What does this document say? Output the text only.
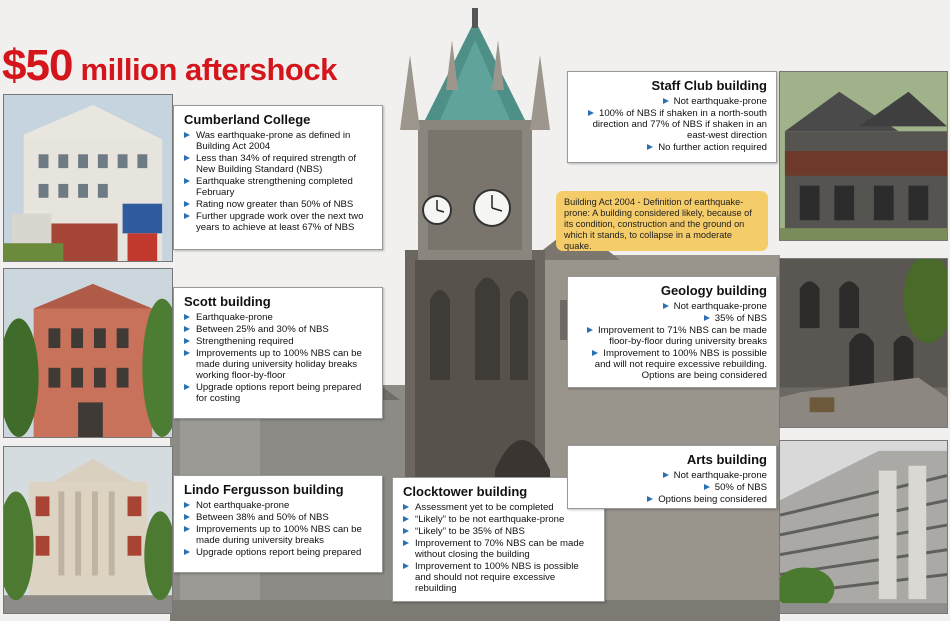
$50 million aftershock
Cumberland College
Was earthquake-prone as defined in Building Act 2004
Less than 34% of required strength of New Building Standard (NBS)
Earthquake strengthening completed February
Rating now greater than 50% of NBS
Further upgrade work over the next two years to achieve at least 67% of NBS
Scott building
Earthquake-prone
Between 25% and 30% of NBS
Strengthening required
Improvements up to 100% NBS can be made during university holiday breaks working floor-by-floor
Upgrade options report being prepared for costing
Lindo Fergusson building
Not earthquake-prone
Between 38% and 50% of NBS
Improvements up to 100% NBS can be made during university breaks
Upgrade options report being prepared
Clocktower building
Assessment yet to be completed
“Likely” to be not earthquake-prone
“Likely” to be 35% of NBS
Improvement to 70% NBS can be made without closing the building
Improvement to 100% NBS is possible and should not require excessive rebuilding
Staff Club building
Not earthquake-prone
100% of NBS if shaken in a north-south direction and 77% of NBS if shaken in an east-west direction
No further action required
Building Act 2004 - Definition of earthquake-prone: A building considered likely, because of its condition, construction and the ground on which it stands, to collapse in a moderate quake.
Geology building
Not earthquake-prone
35% of NBS
Improvement to 71% NBS can be made floor-by-floor during university breaks
Improvement to 100% NBS is possible and will not require excessive rebuilding. Options are being considered
Arts building
Not earthquake-prone
50% of NBS
Options being considered
